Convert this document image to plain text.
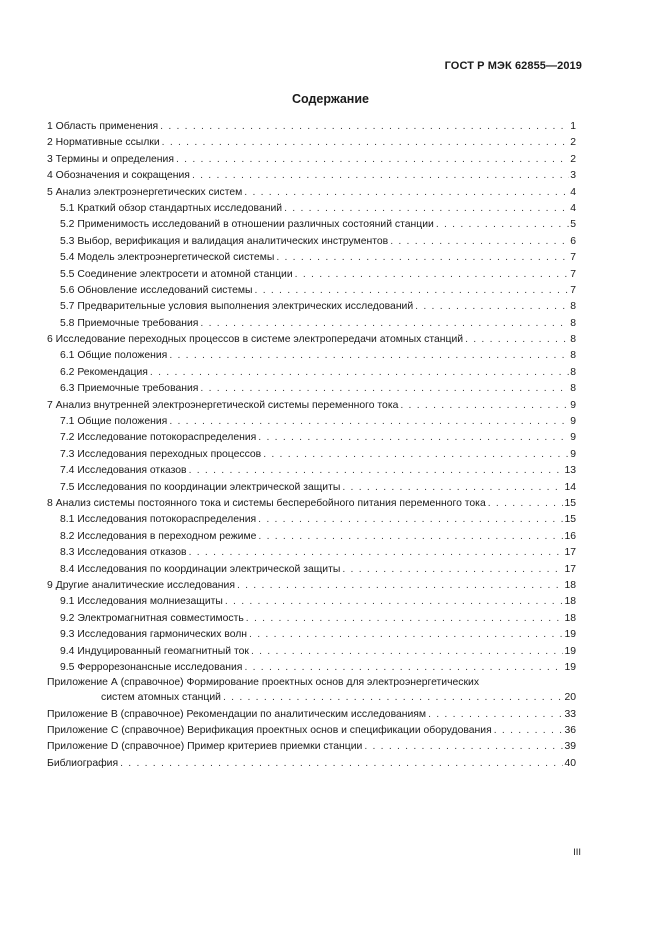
ГОСТ Р МЭК 62855—2019
Содержание
1 Область применения . . .	1
2 Нормативные ссылки . . .	2
3 Термины и определения . . .	2
4 Обозначения и сокращения . . .	3
5 Анализ электроэнергетических систем . . .	4
5.1 Краткий обзор стандартных исследований . . .	4
5.2 Применимость исследований в отношении различных состояний станции . . .	5
5.3 Выбор, верификация и валидация аналитических инструментов . . .	6
5.4 Модель электроэнергетической системы . . .	7
5.5 Соединение электросети и атомной станции . . .	7
5.6 Обновление исследований системы . . .	7
5.7 Предварительные условия выполнения электрических исследований . . .	8
5.8 Приемочные требования . . .	8
6 Исследование переходных процессов в системе электропередачи атомных станций . . .	8
6.1 Общие положения . . .	8
6.2 Рекомендация . . .	8
6.3 Приемочные требования . . .	8
7 Анализ внутренней электроэнергетической системы переменного тока . . .	9
7.1 Общие положения . . .	9
7.2 Исследование потокораспределения . . .	9
7.3 Исследования переходных процессов . . .	9
7.4 Исследования отказов . . .	13
7.5 Исследования по координации электрической защиты . . .	14
8 Анализ системы постоянного тока и системы бесперебойного питания переменного тока . . .	15
8.1 Исследования потокораспределения . . .	15
8.2 Исследования в переходном режиме . . .	16
8.3 Исследования отказов . . .	17
8.4 Исследования по координации электрической защиты . . .	17
9 Другие аналитические исследования . . .	18
9.1 Исследования молниезащиты . . .	18
9.2 Электромагнитная совместимость . . .	18
9.3 Исследования гармонических волн . . .	19
9.4 Индуцированный геомагнитный ток . . .	19
9.5 Феррорезонансные исследования . . .	19
Приложение А (справочное) Формирование проектных основ для электроэнергетических
систем атомных станций . . .	20
Приложение В (справочное) Рекомендации по аналитическим исследованиям . . .	33
Приложение С (справочное) Верификация проектных основ и спецификации оборудования . . .	36
Приложение D (справочное) Пример критериев приемки станции . . .	39
Библиография . . .	40
III
